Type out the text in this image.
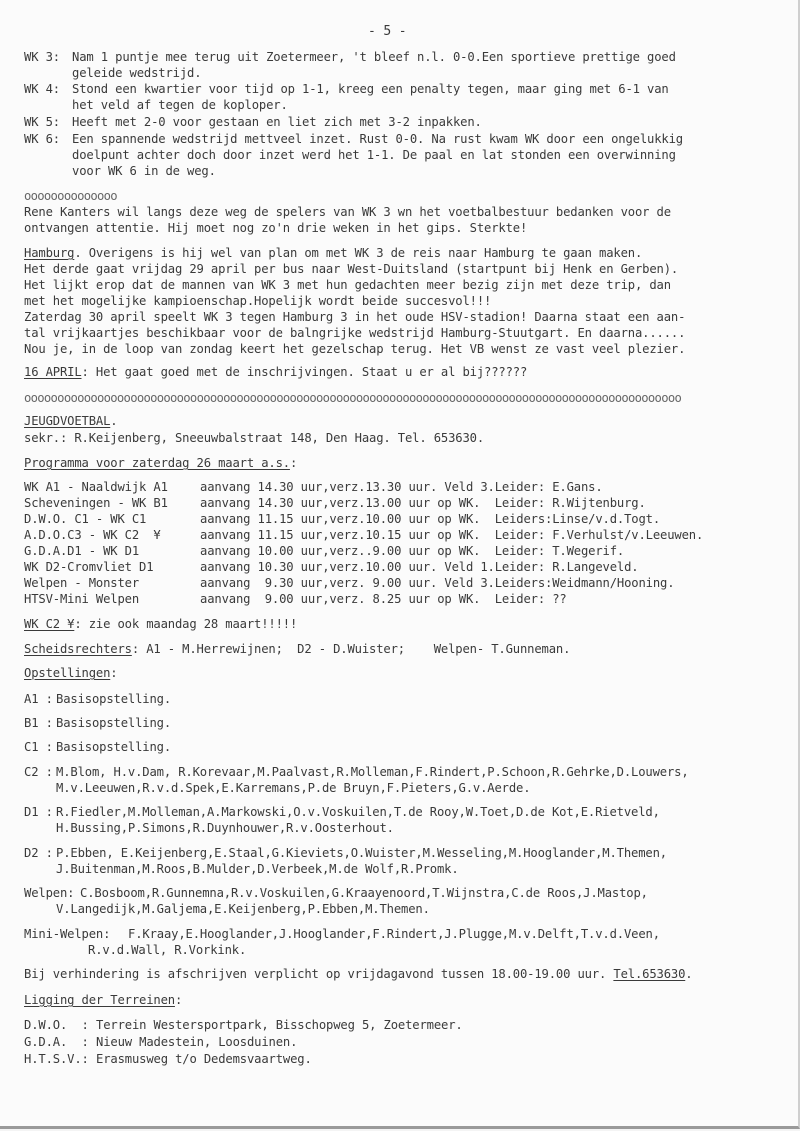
- 5 -
WK 3: Nam 1 puntje mee terug uit Zoetermeer, 't bleef n.l. 0-0.Een sportieve prettige goed
geleide wedstrijd.
WK 4: Stond een kwartier voor tijd op 1-1, kreeg een penalty tegen, maar ging met 6-1 van
het veld af tegen de koploper.
WK 5: Heeft met 2-0 voor gestaan en liet zich met 3-2 inpakken.
WK 6: Een spannende wedstrijd mettveel inzet. Rust 0-0. Na rust kwam WK door een ongelukkig
doelpunt achter doch door inzet werd het 1-1. De paal en lat stonden een overwinning
voor WK 6 in de weg.
oooooooooooooo
Rene Kanters wil langs deze weg de spelers van WK 3 wn het voetbalbestuur bedanken voor de
ontvangen attentie. Hij moet nog zo'n drie weken in het gips. Sterkte!
Hamburg. Overigens is hij wel van plan om met WK 3 de reis naar Hamburg te gaan maken.
Het derde gaat vrijdag 29 april per bus naar West-Duitsland (startpunt bij Henk en Gerben).
Het lijkt erop dat de mannen van WK 3 met hun gedachten meer bezig zijn met deze trip, dan
met het mogelijke kampioenschap.Hopelijk wordt beide succesvol!!!
Zaterdag 30 april speelt WK 3 tegen Hamburg 3 in het oude HSV-stadion! Daarna staat een aan-
tal vrijkaartjes beschikbaar voor de balngrijke wedstrijd Hamburg-Stuutgart. En daarna......
Nou je, in de loop van zondag keert het gezelschap terug. Het VB wenst ze vast veel plezier.
16 APRIL: Het gaat goed met de inschrijvingen. Staat u er al bij??????
ooooooooooooooooooooooooooooooooooooooooooooooooooooooooooooooooooooooooooooooooooooooooooooooooooo
JEUGDVOETBAL.
sekr.: R.Keijenberg, Sneeuwbalstraat 148, Den Haag. Tel. 653630.
Programma voor zaterdag 26 maart a.s.:
WK A1 - Naaldwijk A1	aanvang 14.30 uur,verz.13.30 uur. Veld 3.Leider: E.Gans.
Scheveningen - WK B1	aanvang 14.30 uur,verz.13.00 uur op WK.  Leider: R.Wijtenburg.
D.W.O. C1 - WK C1	aanvang 11.15 uur,verz.10.00 uur op WK.  Leiders:Linse/v.d.Togt.
A.D.O.C3 - WK C2  ¥	aanvang 11.15 uur,verz.10.15 uur op WK.  Leider: F.Verhulst/v.Leeuwen.
G.D.A.D1 - WK D1	aanvang 10.00 uur,verz..9.00 uur op WK.  Leider: T.Wegerif.
WK D2-Cromvliet D1	aanvang 10.30 uur,verz.10.00 uur. Veld 1.Leider: R.Langeveld.
Welpen - Monster	aanvang  9.30 uur,verz. 9.00 uur. Veld 3.Leiders:Weidmann/Hooning.
HTSV-Mini Welpen	aanvang  9.00 uur,verz. 8.25 uur op WK.  Leider: ??
WK C2 ¥: zie ook maandag 28 maart!!!!!
Scheidsrechters: A1 - M.Herrewijnen;  D2 - D.Wuister;    Welpen- T.Gunneman.
Opstellingen:
A1 : Basisopstelling.
B1 : Basisopstelling.
C1 : Basisopstelling.
C2 : M.Blom, H.v.Dam, R.Korevaar,M.Paalvast,R.Molleman,F.Rindert,P.Schoon,R.Gehrke,D.Louwers,
M.v.Leeuwen,R.v.d.Spek,E.Karremans,P.de Bruyn,F.Pieters,G.v.Aerde.
D1 : R.Fiedler,M.Molleman,A.Markowski,O.v.Voskuilen,T.de Rooy,W.Toet,D.de Kot,E.Rietveld,
H.Bussing,P.Simons,R.Duynhouwer,R.v.Oosterhout.
D2 : P.Ebben, E.Keijenberg,E.Staal,G.Kieviets,O.Wuister,M.Wesseling,M.Hooglander,M.Themen,
J.Buitenman,M.Roos,B.Mulder,D.Verbeek,M.de Wolf,R.Promk.
Welpen: C.Bosboom,R.Gunnemna,R.v.Voskuilen,G.Kraayenoord,T.Wijnstra,C.de Roos,J.Mastop,
V.Langedijk,M.Galjema,E.Keijenberg,P.Ebben,M.Themen.
Mini-Welpen: F.Kraay,E.Hooglander,J.Hooglander,F.Rindert,J.Plugge,M.v.Delft,T.v.d.Veen,
R.v.d.Wall, R.Vorkink.
Bij verhindering is afschrijven verplicht op vrijdagavond tussen 18.00-19.00 uur. Tel.653630.
Ligging der Terreinen:
D.W.O.  : Terrein Westersportpark, Bisschopweg 5, Zoetermeer.
G.D.A.  : Nieuw Madestein, Loosduinen.
H.T.S.V.: Erasmusweg t/o Dedemsvaartweg.
